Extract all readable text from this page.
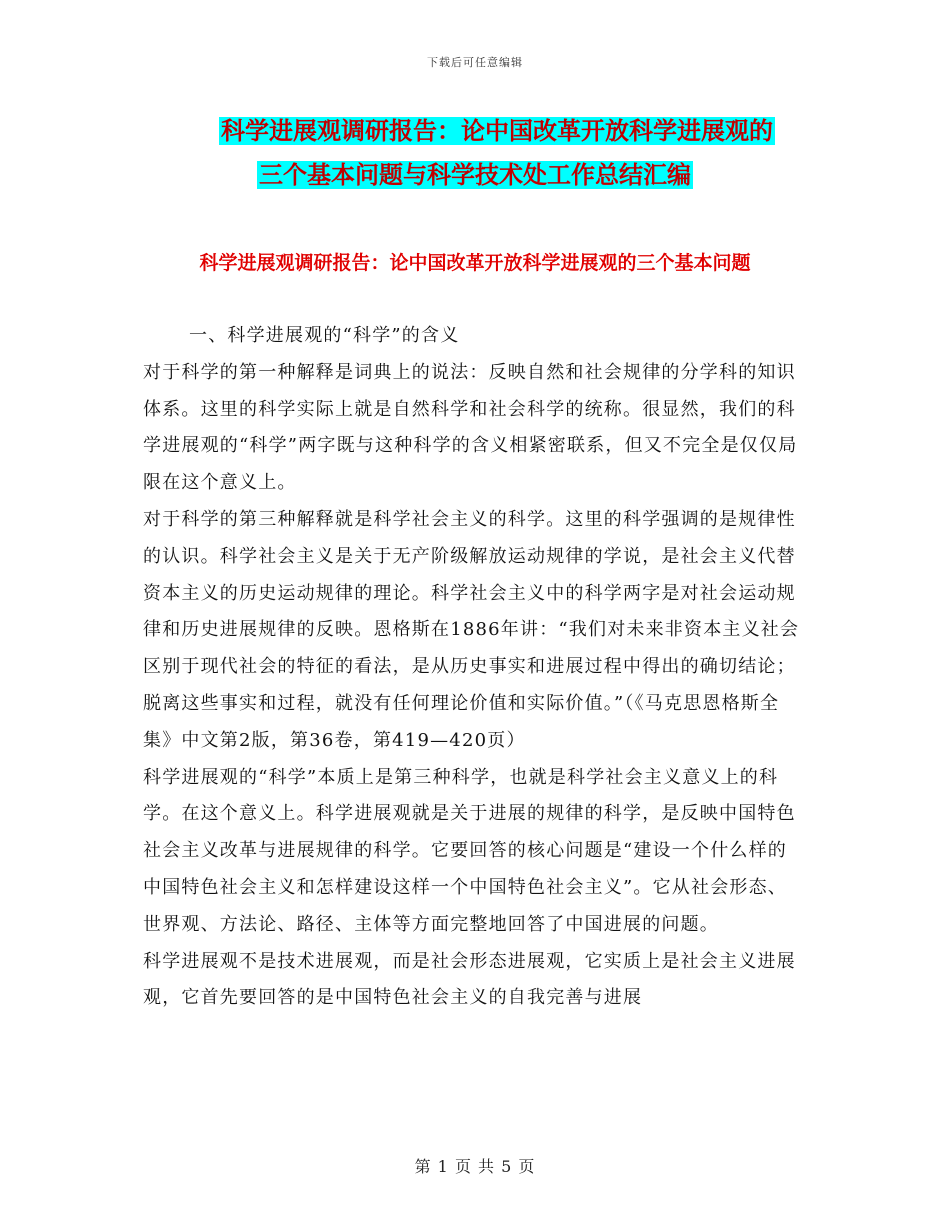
下载后可任意编辑
科学进展观调研报告：论中国改革开放科学进展观的
三个基本问题与科学技术处工作总结汇编
科学进展观调研报告：论中国改革开放科学进展观的三个基本问题

一、科学进展观的“科学”的含义

对于科学的第一种解释是词典上的说法：反映自然和社会规律的分学科的知识体系。这里的科学实际上就是自然科学和社会科学的统称。很显然，我们的科学进展观的“科学”两字既与这种科学的含义相紧密联系，但又不完全是仅仅局限在这个意义上。

对于科学的第三种解释就是科学社会主义的科学。这里的科学强调的是规律性的认识。科学社会主义是关于无产阶级解放运动规律的学说，是社会主义代替资本主义的历史运动规律的理论。科学社会主义中的科学两字是对社会运动规律和历史进展规律的反映。恩格斯在1886年讲：“我们对未来非资本主义社会区别于现代社会的特征的看法，是从历史事实和进展过程中得出的确切结论；脱离这些事实和过程，就没有任何理论价值和实际价值。”（《马克思恩格斯全集》中文第2版，第36卷，第419—420页）

科学进展观的“科学”本质上是第三种科学，也就是科学社会主义意义上的科学。在这个意义上。科学进展观就是关于进展的规律的科学，是反映中国特色社会主义改革与进展规律的科学。它要回答的核心问题是“建设一个什么样的中国特色社会主义和怎样建设这样一个中国特色社会主义”。它从社会形态、世界观、方法论、路径、主体等方面完整地回答了中国进展的问题。

科学进展观不是技术进展观，而是社会形态进展观，它实质上是社会主义进展观，它首先要回答的是中国特色社会主义的自我完善与进展

第 1 页 共 5 页
